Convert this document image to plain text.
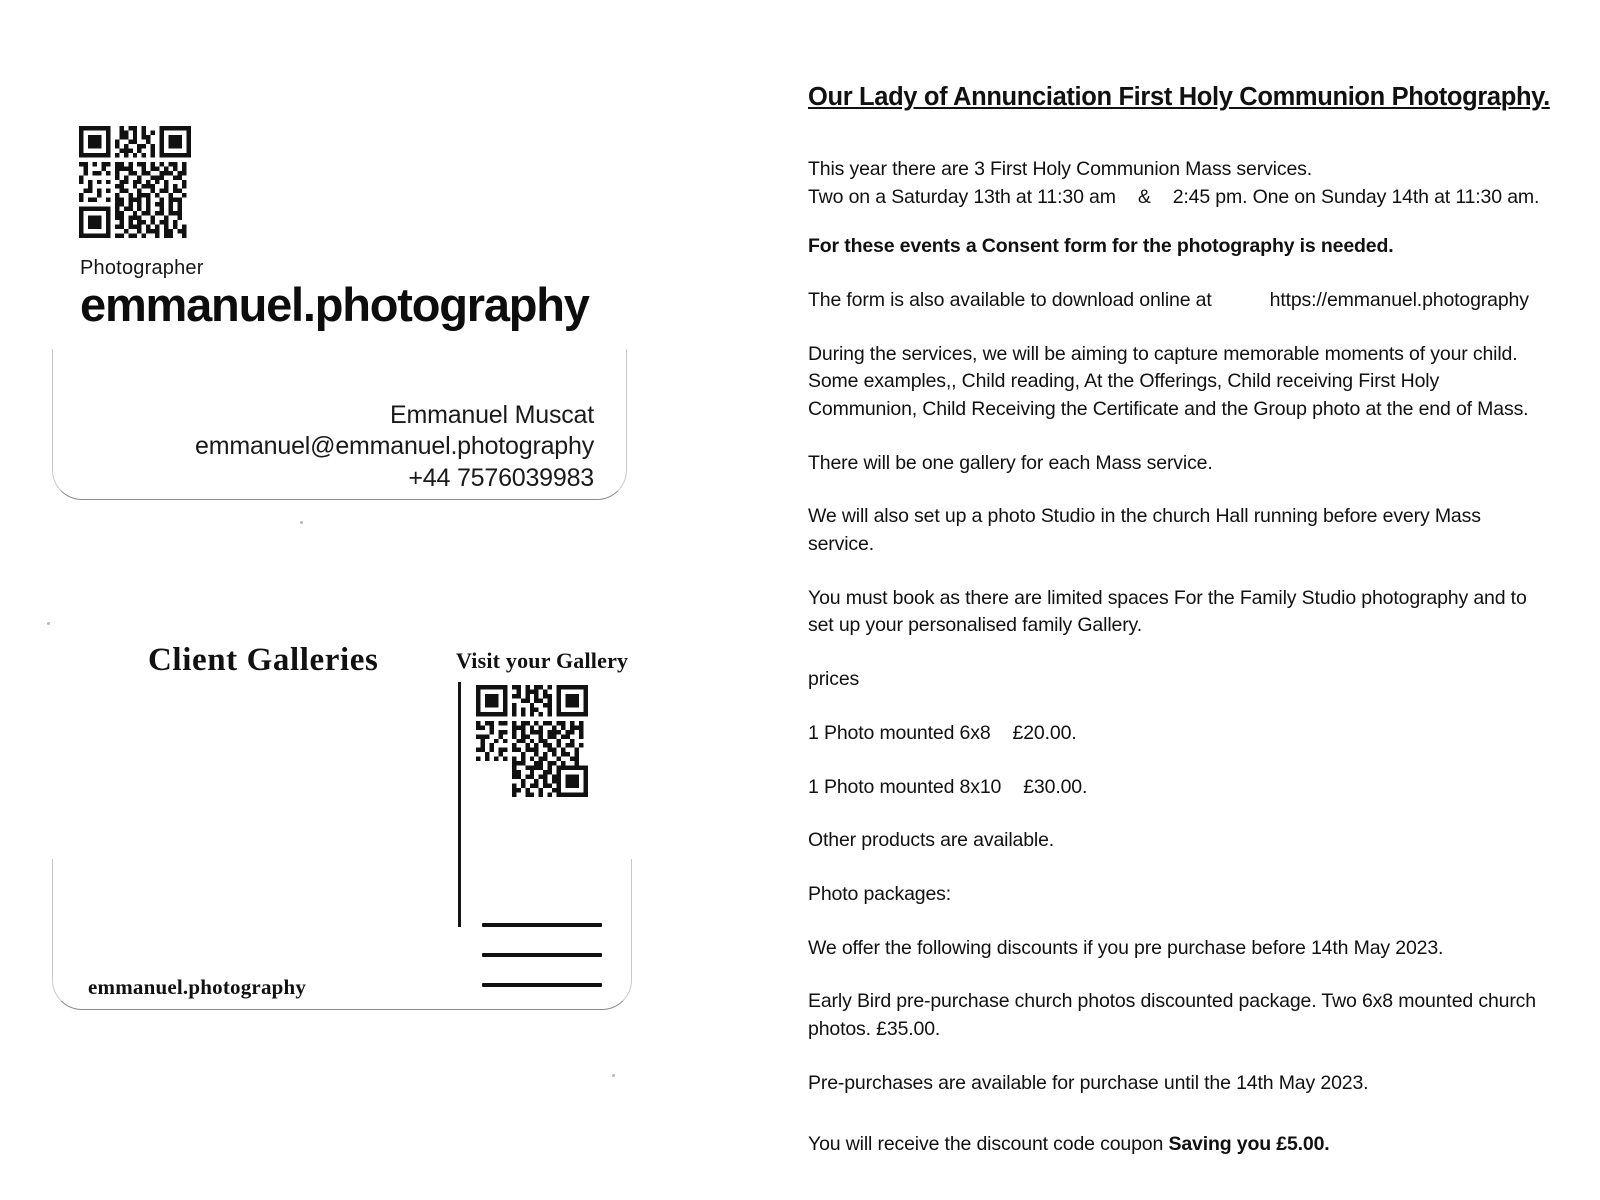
Photographer
emmanuel.photography
Emmanuel Muscat
emmanuel@emmanuel.photography
+44 7576039983
Client Galleries	Visit your Gallery
emmanuel.photography
Our Lady of Annunciation First Holy Communion Photography.

This year there are 3 First Holy Communion Mass services.
Two on a Saturday 13th at 11:30 am & 2:45 pm. One on Sunday 14th at 11:30 am.

For these events a Consent form for the photography is needed.

The form is also available to download online at	https://emmanuel.photography

During the services, we will be aiming to capture memorable moments of your child. Some examples,, Child reading, At the Offerings, Child receiving First Holy Communion, Child Receiving the Certificate and the Group photo at the end of Mass.

There will be one gallery for each Mass service.

We will also set up a photo Studio in the church Hall running before every Mass service.

You must book as there are limited spaces For the Family Studio photography and to set up your personalised family Gallery.

prices

1 Photo mounted 6x8 £20.00.

1 Photo mounted 8x10 £30.00.

Other products are available.

Photo packages:

We offer the following discounts if you pre purchase before 14th May 2023.

Early Bird pre-purchase church photos discounted package. Two 6x8 mounted church photos. £35.00.

Pre-purchases are available for purchase until the 14th May 2023.

You will receive the discount code coupon Saving you £5.00.
